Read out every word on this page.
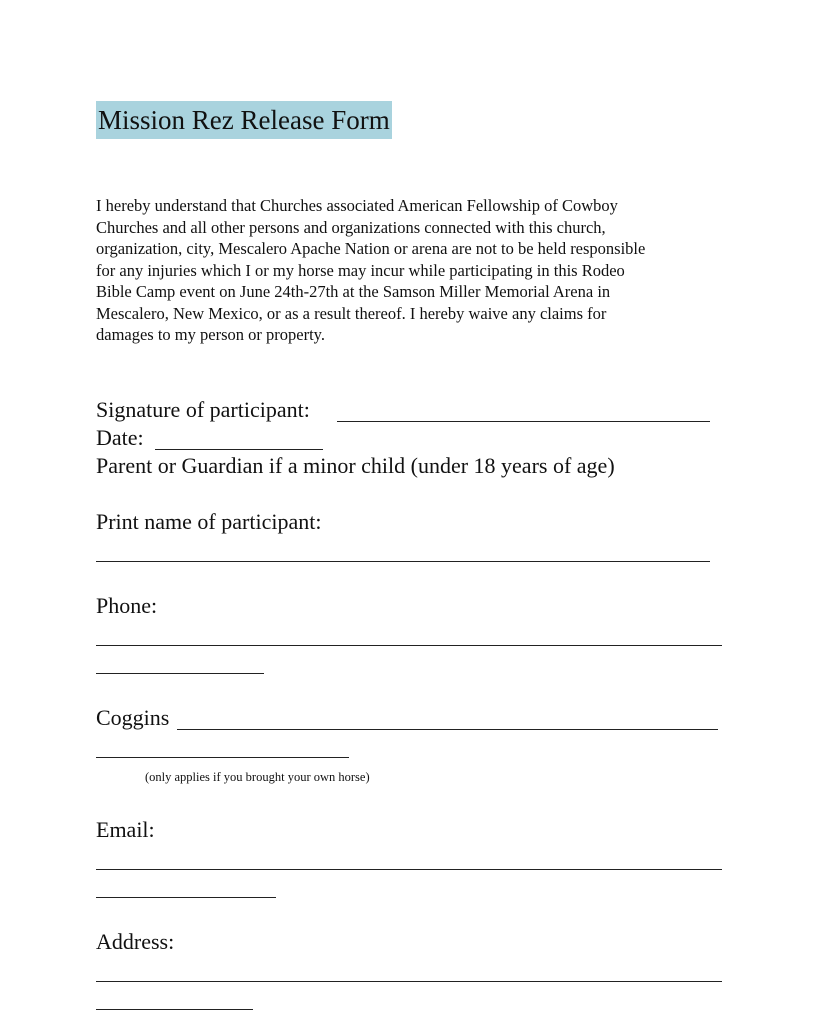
Mission Rez Release Form

I hereby understand that Churches associated American Fellowship of Cowboy
Churches and all other persons and organizations connected with this church,
organization, city, Mescalero Apache Nation or arena are not to be held responsible
for any injuries which I or my horse may incur while participating in this Rodeo
Bible Camp event on June 24th-27th at the Samson Miller Memorial Arena in
Mescalero, New Mexico, or as a result thereof. I hereby waive any claims for
damages to my person or property.

Signature of participant:
Date:
Parent or Guardian if a minor child (under 18 years of age)
Print name of participant:
Phone:
Coggins
(only applies if you brought your own horse)
Email:
Address:
